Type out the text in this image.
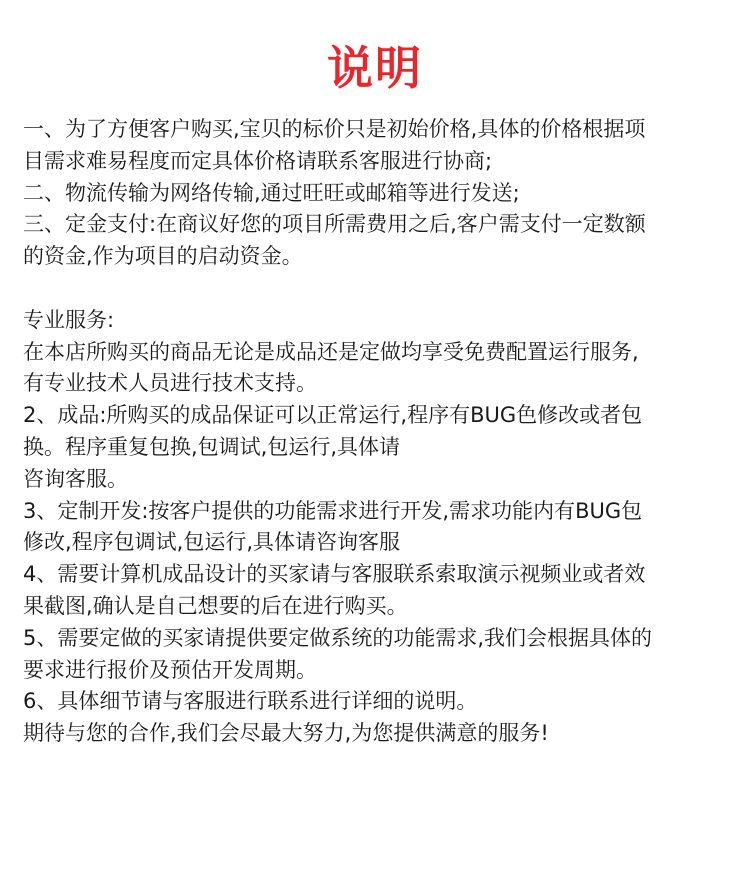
说明
一、为了方便客户购买,宝贝的标价只是初始价格,具体的价格根据项
目需求难易程度而定具体价格请联系客服进行协商;
二、物流传输为网络传输,通过旺旺或邮箱等进行发送;
三、定金支付:在商议好您的项目所需费用之后,客户需支付一定数额
的资金,作为项目的启动资金。
专业服务:
在本店所购买的商品无论是成品还是定做均享受免费配置运行服务,
有专业技术人员进行技术支持。
2、成品:所购买的成品保证可以正常运行,程序有BUG色修改或者包
换。程序重复包换,包调试,包运行,具体请
咨询客服。
3、定制开发:按客户提供的功能需求进行开发,需求功能内有BUG包
修改,程序包调试,包运行,具体请咨询客服
4、需要计算机成品设计的买家请与客服联系索取演示视频业或者效
果截图,确认是自己想要的后在进行购买。
5、需要定做的买家请提供要定做系统的功能需求,我们会根据具体的
要求进行报价及预估开发周期。
6、具体细节请与客服进行联系进行详细的说明。
期待与您的合作,我们会尽最大努力,为您提供满意的服务!
